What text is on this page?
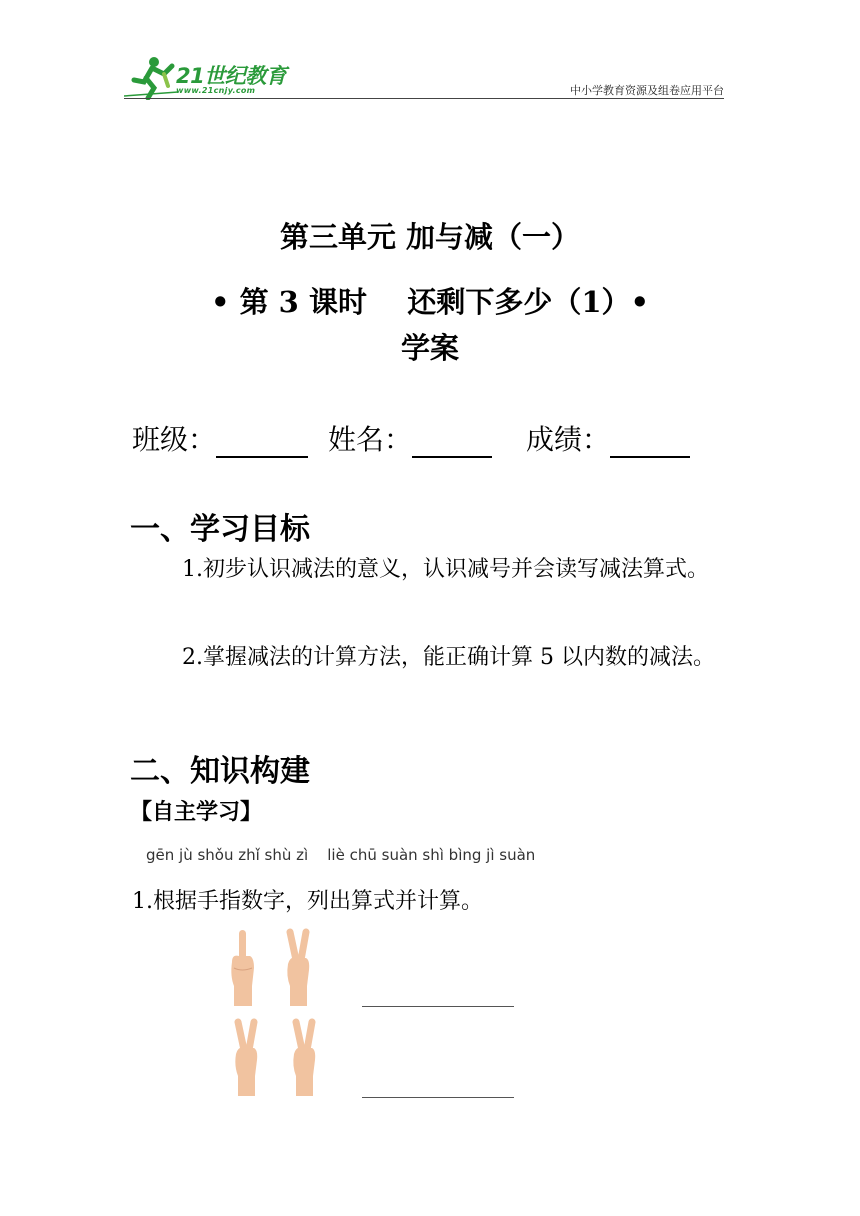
21世纪教育
www.21cnjy.com	中小学教育资源及组卷应用平台
第三单元 加与减（一）
• 第 3 课时    还剩下多少（1）•
学案
班级：	姓名：	成绩：
一、学习目标
1.初步认识减法的意义，认识减号并会读写减法算式。
2.掌握减法的计算方法，能正确计算 5 以内数的减法。
二、知识构建
【自主学习】
gēn jù shǒu zhǐ shù zì    liè chū suàn shì bìng jì suàn
1.根据手指数字，列出算式并计算。
